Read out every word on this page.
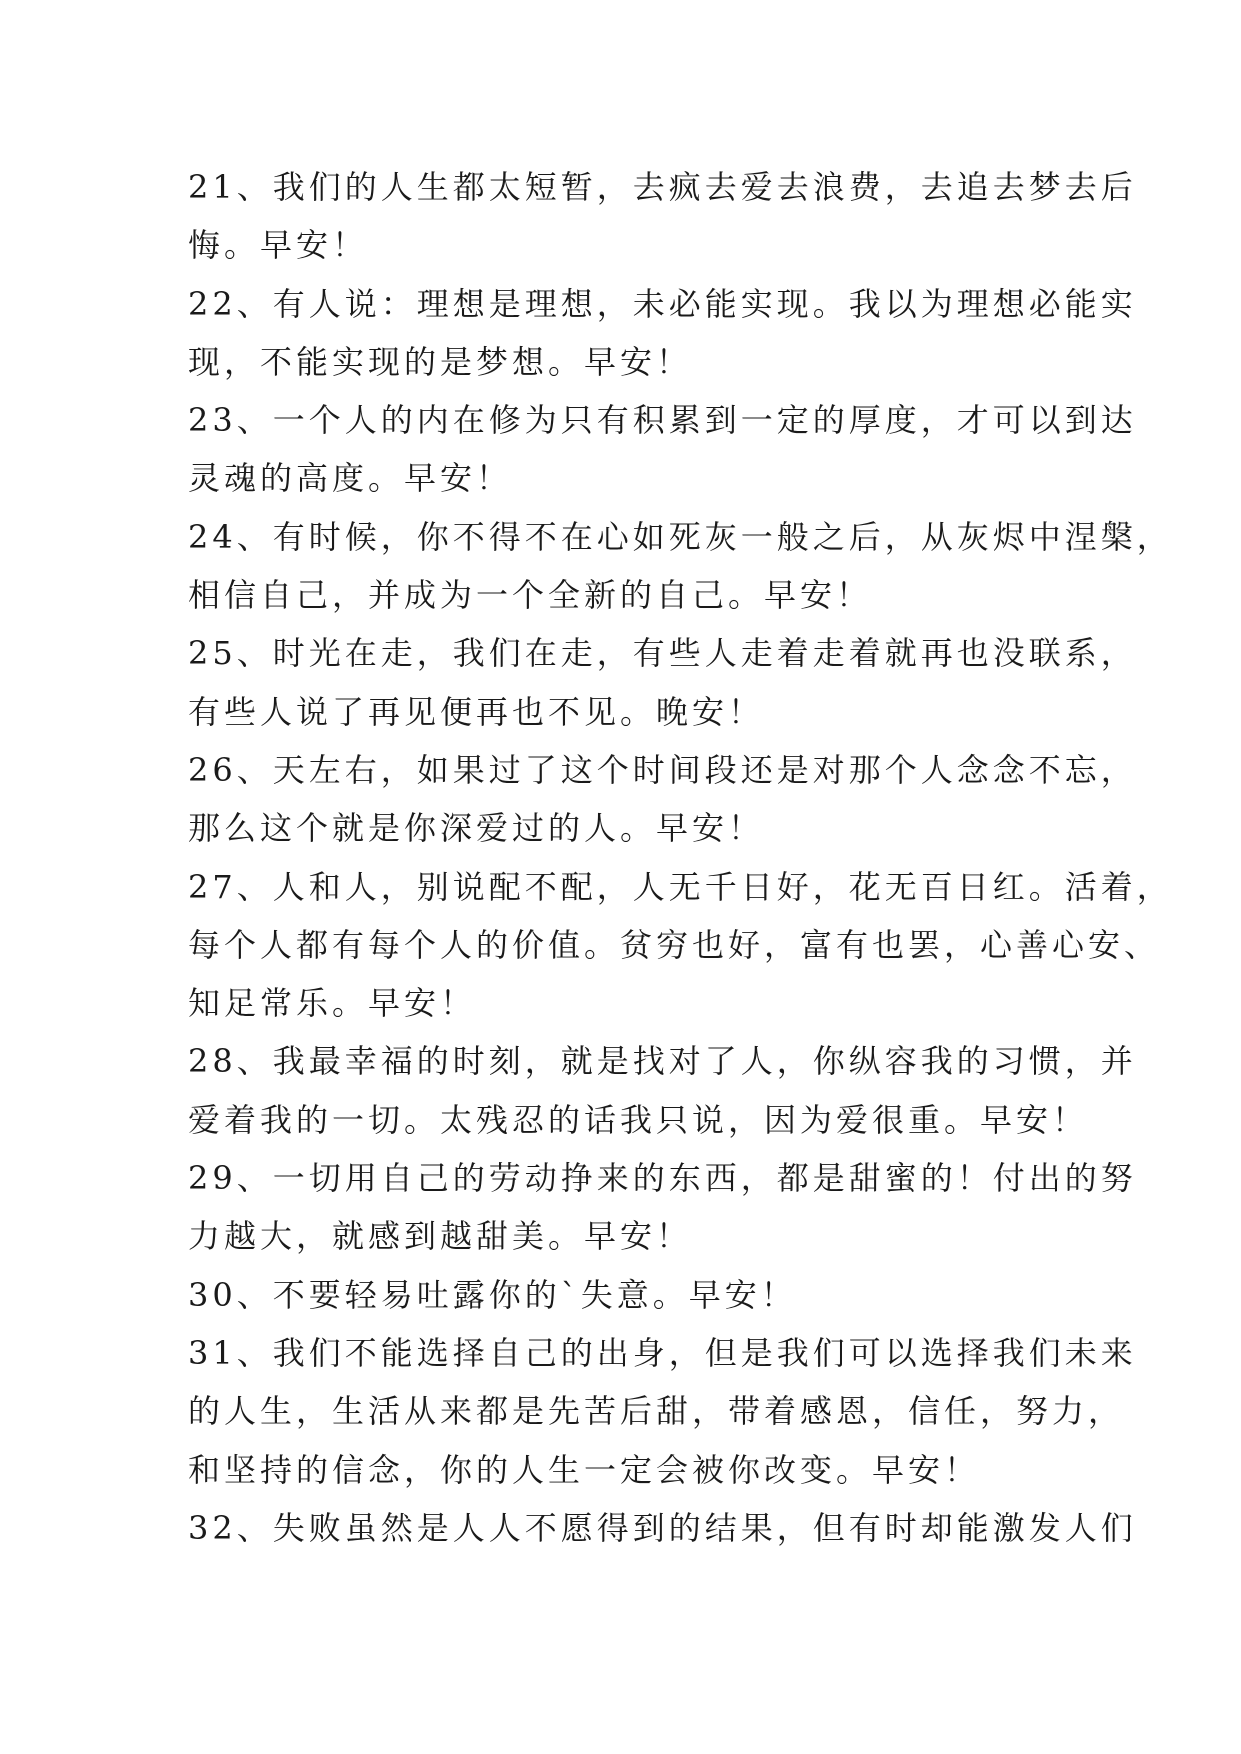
21、我们的人生都太短暂，去疯去爱去浪费，去追去梦去后
悔。早安！
22、有人说：理想是理想，未必能实现。我以为理想必能实
现，不能实现的是梦想。早安！
23、一个人的内在修为只有积累到一定的厚度，才可以到达
灵魂的高度。早安！
24、有时候，你不得不在心如死灰一般之后，从灰烬中涅槃，
相信自己，并成为一个全新的自己。早安！
25、时光在走，我们在走，有些人走着走着就再也没联系，
有些人说了再见便再也不见。晚安！
26、天左右，如果过了这个时间段还是对那个人念念不忘，
那么这个就是你深爱过的人。早安！
27、人和人，别说配不配，人无千日好，花无百日红。活着，
每个人都有每个人的价值。贫穷也好，富有也罢，心善心安、
知足常乐。早安！
28、我最幸福的时刻，就是找对了人，你纵容我的习惯，并
爱着我的一切。太残忍的话我只说，因为爱很重。早安！
29、一切用自己的劳动挣来的东西，都是甜蜜的！付出的努
力越大，就感到越甜美。早安！
30、不要轻易吐露你的`失意。早安！
31、我们不能选择自己的出身，但是我们可以选择我们未来
的人生，生活从来都是先苦后甜，带着感恩，信任，努力，
和坚持的信念，你的人生一定会被你改变。早安！
32、失败虽然是人人不愿得到的结果，但有时却能激发人们
